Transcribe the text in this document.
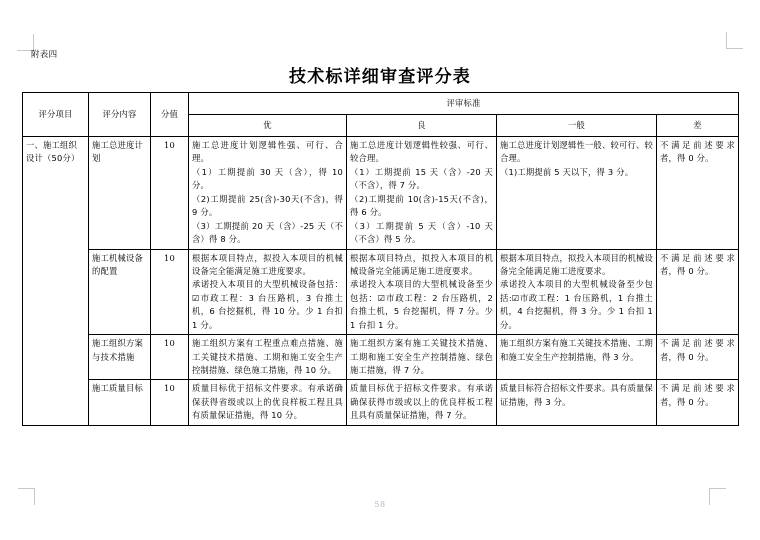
附表四
技术标详细审查评分表
评分项目	评分内容	分值	评审标准			
			优	良	一般	差
一、施工组织设计（50分）	施工总进度计划	10	施工总进度计划逻辑性强、可行、合理。
（1）工期提前 30 天（含），得 10 分。
（2)工期提前 25(含)-30天(不含)，得 9 分。
（3）工期提前 20 天（含）-25 天（不含）得 8 分。	施工总进度计划逻辑性较强、可行、较合理。
（1）工期提前 15 天（含）-20 天（不含），得 7 分。
（2)工期提前 10(含)-15天(不含)，得 6 分。
（3）工期提前 5 天（含）-10 天（不含）得 5 分。	施工总进度计划逻辑性一般、较可行、较合理。
（1)工期提前 5 天以下，得 3 分。	不满足前述要求者，得 0 分。

	施工机械设备的配置	10	根据本项目特点，拟投入本项目的机械设备完全能满足施工进度要求。
承诺投入本项目的大型机械设备包括：☑市政工程：3 台压路机，3 台推土机，6 台挖掘机，得 10 分。少 1 台扣 1 分。	根据本项目特点，拟投入本项目的机械设备完全能满足施工进度要求。
承诺投入本项目的大型机械设备至少包括：☑市政工程：2 台压路机，2 台推土机，5 台挖掘机，得 7 分。少 1 台扣 1 分。	根据本项目特点，拟投入本项目的机械设备完全能满足施工进度要求。
承诺投入本项目的大型机械设备至少包括:☑市政工程：1 台压路机，1 台推土机，4 台挖掘机，得 3 分。少 1 台扣 1 分。	不满足前述要求者，得 0 分。

	施工组织方案与技术措施	10	施工组织方案有工程重点难点措施、施工关键技术措施、工期和施工安全生产控制措施、绿色施工措施，得 10 分。	施工组织方案有施工关键技术措施、工期和施工安全生产控制措施、绿色施工措施，得 7 分。	施工组织方案有施工关键技术措施、工期和施工安全生产控制措施，得 3 分。	不满足前述要求者，得 0 分。

	施工质量目标	10	质量目标优于招标文件要求。有承诺确保获得省级或以上的优良样板工程且具有质量保证措施，得 10 分。	质量目标优于招标文件要求。有承诺确保获得市级或以上的优良样板工程且具有质量保证措施，得 7 分。	质量目标符合招标文件要求。具有质量保证措施，得 3 分。	不满足前述要求者，得 0 分。
58
